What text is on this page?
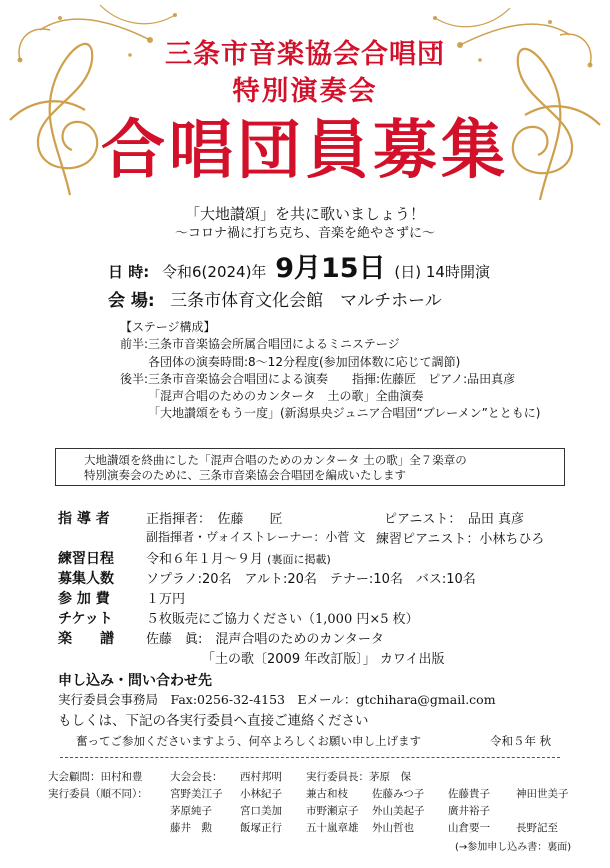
三条市音楽協会合唱団
特別演奏会
合唱団員募集
「大地讃頌」を共に歌いましょう！
〜コロナ禍に打ち克ち、音楽を絶やさずに〜
日 時: 令和6(2024)年 9月15日 (日) 14時開演
会 場: 三条市体育文化会館　マルチホール
【ステージ構成】
前半:三条市音楽協会所属合唱団によるミニステージ
各団体の演奏時間:8〜12分程度(参加団体数に応じて調節)
後半:三条市音楽協会合唱団による演奏　　指揮:佐藤匠　ピアノ:品田真彦
「混声合唱のためのカンタータ　土の歌」全曲演奏
「大地讃頌をもう一度」(新潟県央ジュニア合唱団“ブレーメン”とともに)
大地讃頌を終曲にした「混声合唱のためのカンタータ 土の歌」全７楽章の
特別演奏会のために、三条市音楽協会合唱団を編成いたします
指 導 者	正指揮者：　佐藤　　匠	ピアニスト：　品田 真彦
副指揮者・ヴォイストレーナー：小菅 文 練習ピアニスト：小林ちひろ
練習日程 令和６年１月〜９月 (裏面に掲載)
募集人数 ソプラノ:20名　アルト:20名　テナー:10名　バス:10名
参 加 費	１万円
チケット	５枚販売にご協力ください（1,000 円×5 枚）
楽　　譜 佐藤　眞:　混声合唱のためのカンタータ
「土の歌〔2009 年改訂版〕」 カワイ出版
申し込み・問い合わせ先
実行委員会事務局　Fax:0256-32-4153　Eメール：gtchihara@gmail.com
もしくは、下記の各実行委員へ直接ご連絡ください
奮ってご参加くださいますよう、何卒よろしくお願い申し上げます	令和５年 秋
大会顧問：田村和豊	大会会長： 西村邦明 実行委員長：茅原　保
実行委員（順不同）： 宮野美江子 小林紀子 兼古和枝 佐藤みつ子 佐藤貴子 神田世美子
茅原純子	宮口美加 市野瀬京子 外山美起子 廣井裕子
藤井　勲	飯塚正行 五十嵐章雄 外山哲也	山倉要一 長野記至
(→参加申し込み書：裏面)
